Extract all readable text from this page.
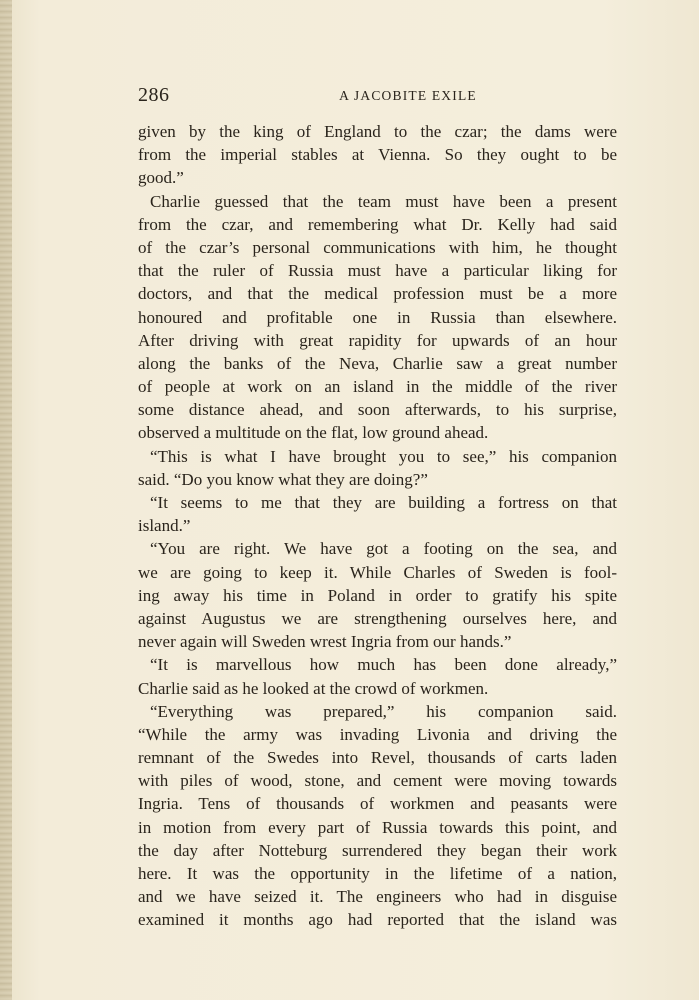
286	A JACOBITE EXILE
given by the king of England to the czar; the dams were
from the imperial stables at Vienna. So they ought to be
good.”
Charlie guessed that the team must have been a present
from the czar, and remembering what Dr. Kelly had said
of the czar’s personal communications with him, he thought
that the ruler of Russia must have a particular liking for
doctors, and that the medical profession must be a more
honoured and profitable one in Russia than elsewhere.
After driving with great rapidity for upwards of an hour
along the banks of the Neva, Charlie saw a great number
of people at work on an island in the middle of the river
some distance ahead, and soon afterwards, to his surprise,
observed a multitude on the flat, low ground ahead.
“This is what I have brought you to see,” his companion
said. “Do you know what they are doing?”
“It seems to me that they are building a fortress on that
island.”
“You are right. We have got a footing on the sea, and
we are going to keep it. While Charles of Sweden is fool-
ing away his time in Poland in order to gratify his spite
against Augustus we are strengthening ourselves here, and
never again will Sweden wrest Ingria from our hands.”
“It is marvellous how much has been done already,”
Charlie said as he looked at the crowd of workmen.
“Everything was prepared,” his companion said.
“While the army was invading Livonia and driving the
remnant of the Swedes into Revel, thousands of carts laden
with piles of wood, stone, and cement were moving towards
Ingria. Tens of thousands of workmen and peasants were
in motion from every part of Russia towards this point, and
the day after Notteburg surrendered they began their work
here. It was the opportunity in the lifetime of a nation,
and we have seized it. The engineers who had in disguise
examined it months ago had reported that the island was
